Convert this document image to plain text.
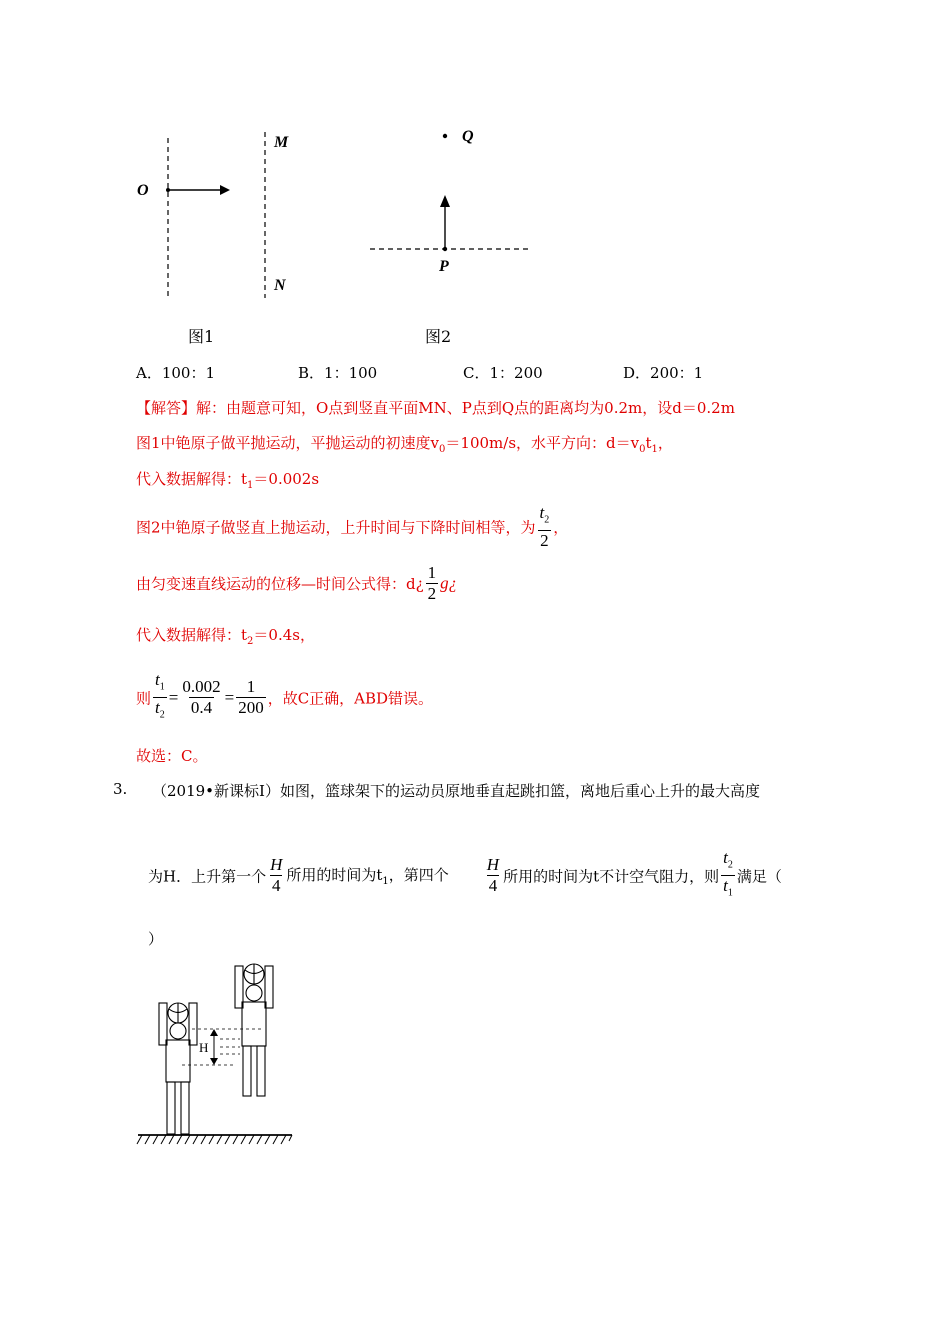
O
M
N
图1
Q
P
图2
A．100：1	B．1：100	C．1：200	D．200：1
【解答】解：由题意可知，O点到竖直平面MN、P点到Q点的距离均为0.2m，设d＝0.2m
图1中铯原子做平抛运动，平抛运动的初速度$v_0=100m/s$，水平方向：$d=v_0t_1$，
代入数据解得：$t_1=0.002s$
图2中铯原子做竖直上抛运动，上升时间与下降时间相等，为 $\frac{t_2}{2}$ ，
由匀变速直线运动的位移—时间公式得：d¿ $\frac{1}{2}$ g¿
代入数据解得：$t_2=0.4s$，
则 $\frac{t_1}{t_2} = \frac{0.002}{0.4} = \frac{1}{200}$ ，故C正确，ABD错误。
故选：C。
3. （2019•新课标Ⅰ）如图，篮球架下的运动员原地垂直起跳扣篮，离地后重心上升的最大高度
为H．上升第一个 $\frac{H}{4}$ 所用的时间为$t_1$，第四个 $\frac{H}{4}$ 所用的时间为t不计空气阻力，则 $\frac{t_2}{t_1}$ 满足（
）
H
